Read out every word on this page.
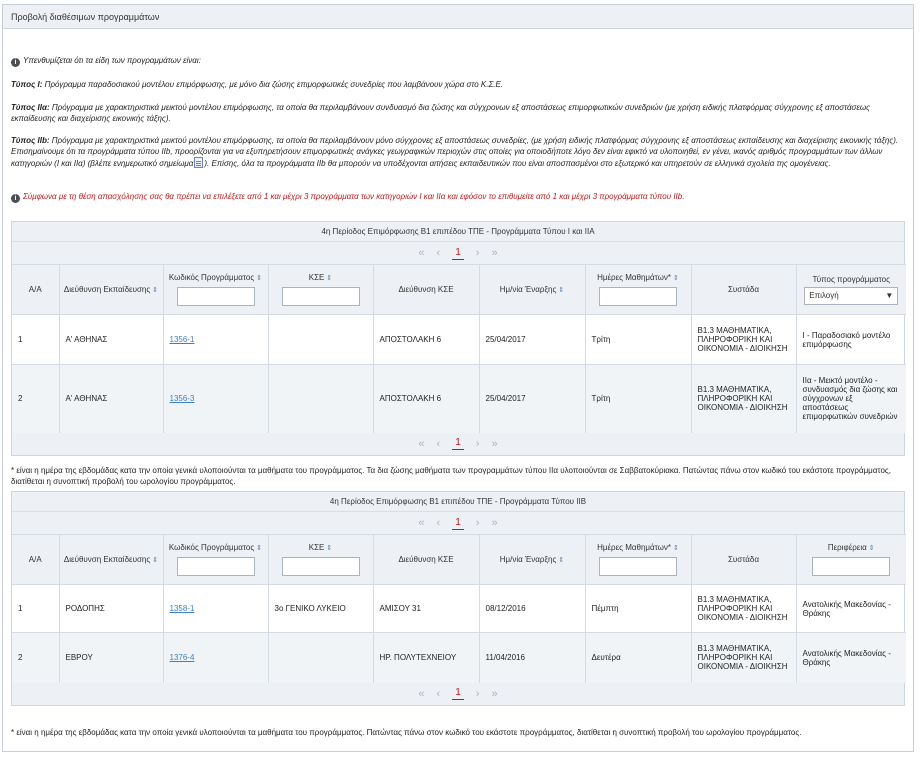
Προβολή διαθέσιμων προγραμμάτων

i Υπενθυμίζεται ότι τα είδη των προγραμμάτων είναι:

Τύπος Ι: Πρόγραμμα παραδοσιακού μοντέλου επιμόρφωσης, με μόνο δια ζώσης επιμορφωτικές συνεδρίες που λαμβάνουν χώρα στο Κ.Σ.Ε.

Τύπος ΙΙα: Πρόγραμμα με χαρακτηριστικά μεικτού μοντέλου επιμόρφωσης, τα οποία θα περιλαμβάνουν συνδυασμό δια ζώσης και σύγχρονων εξ αποστάσεως επιμορφωτικών συνεδριών (με χρήση ειδικής πλατφόρμας σύγχρονης εξ αποστάσεως εκπαίδευσης και διαχείρισης εικονικής τάξης).

Τύπος ΙΙb: Πρόγραμμα με χαρακτηριστικά μεικτού μοντέλου επιμόρφωσης, τα οποία θα περιλαμβάνουν μόνο σύγχρονες εξ αποστάσεως συνεδρίες, (με χρήση ειδικής πλατφόρμας σύγχρονης εξ αποστάσεως εκπαίδευσης και διαχείρισης εικονικής τάξης). Επισημαίνουμε ότι τα προγράμματα τύπου ΙΙb, προορίζονται για να εξυπηρετήσουν επιμορφωτικές ανάγκες γεωγραφικών περιοχών στις οποίες για οποιοδήποτε λόγο δεν είναι εφικτό να υλοποιηθεί, εν γένει, ικανός αριθμός προγραμμάτων των άλλων κατηγοριών (Ι και ΙΙα) (βλέπε ενημερωτικό σημείωμα ). Επίσης, όλα τα προγράμματα ΙΙb θα μπορούν να υποδέχονται αιτήσεις εκπαιδευτικών που είναι αποσπασμένοι στο εξωτερικό και υπηρετούν σε ελληνικά σχολεία της ομογένειας.

i Σύμφωνα με τη θέση απασχόλησης σας θα πρέπει να επιλέξετε από 1 και μέχρι 3 προγράμματα των κατηγοριών Ι και ΙΙα και εφόσον το επιθυμείτε από 1 και μέχρι 3 προγράμματα τύπου ΙΙb.

4η Περίοδος Επιμόρφωσης Β1 επιπέδου ΤΠΕ - Προγράμματα Τύπου Ι και ΙΙΑ
« ‹	1 › »
Α/Α	Διεύθυνση Εκπαίδευσης ⇕	Κωδικός Προγράμματος ⇕	ΚΣΕ ⇕	Διεύθυνση ΚΣΕ	Ημ/νία Έναρξης ⇕	Ημέρες Μαθημάτων* ⇕	Συστάδα	Τύπος προγράμματος
Επιλογή ▼

1	Α' ΑΘΗΝΑΣ	1356-1		ΑΠΟΣΤΟΛΑΚΗ 6	25/04/2017	Τρίτη	Β1.3 ΜΑΘΗΜΑΤΙΚΑ, ΠΛΗΡΟΦΟΡΙΚΗ ΚΑΙ ΟΙΚΟΝΟΜΙΑ - ΔΙΟΙΚΗΣΗ	Ι - Παραδοσιακό μοντέλο επιμόρφωσης
2	Α' ΑΘΗΝΑΣ	1356-3		ΑΠΟΣΤΟΛΑΚΗ 6	25/04/2017	Τρίτη	Β1.3 ΜΑΘΗΜΑΤΙΚΑ, ΠΛΗΡΟΦΟΡΙΚΗ ΚΑΙ ΟΙΚΟΝΟΜΙΑ - ΔΙΟΙΚΗΣΗ	ΙΙα - Μεικτό μοντέλο - συνδυασμός δια ζώσης και σύγχρονων εξ αποστάσεως επιμορφωτικών συνεδριών
« ‹	1 › »
* είναι η ημέρα της εβδομάδας κατα την οποία γενικά υλοποιούνται τα μαθήματα του προγράμματος. Τα δια ζώσης μαθήματα των προγραμμάτων τύπου ΙΙα υλοποιούνται σε Σαββατοκύριακα. Πατώντας πάνω στον κωδικό του εκάστοτε προγράμματος, διατίθεται η συνοπτική προβολή του ωρολογίου προγράμματος.
4η Περίοδος Επιμόρφωσης Β1 επιπέδου ΤΠΕ - Προγράμματα Τύπου ΙΙΒ
« ‹	1 › »
Α/Α	Διεύθυνση Εκπαίδευσης ⇕	Κωδικός Προγράμματος ⇕	ΚΣΕ ⇕	Διεύθυνση ΚΣΕ	Ημ/νία Έναρξης ⇕	Ημέρες Μαθημάτων* ⇕	Συστάδα	Περιφέρεια ⇕

1	ΡΟΔΟΠΗΣ	1358-1	3ο ΓΕΝΙΚΟ ΛΥΚΕΙΟ	ΑΜΙΣΟΥ 31	08/12/2016	Πέμπτη	Β1.3 ΜΑΘΗΜΑΤΙΚΑ, ΠΛΗΡΟΦΟΡΙΚΗ ΚΑΙ ΟΙΚΟΝΟΜΙΑ - ΔΙΟΙΚΗΣΗ	Ανατολικής Μακεδονίας - Θράκης
2	ΕΒΡΟΥ	1376-4		ΗΡ. ΠΟΛΥΤΕΧΝΕΙΟΥ	11/04/2016	Δευτέρα	Β1.3 ΜΑΘΗΜΑΤΙΚΑ, ΠΛΗΡΟΦΟΡΙΚΗ ΚΑΙ ΟΙΚΟΝΟΜΙΑ - ΔΙΟΙΚΗΣΗ	Ανατολικής Μακεδονίας - Θράκης
« ‹	1 › »
* είναι η ημέρα της εβδομάδας κατα την οποία γενικά υλοποιούνται τα μαθήματα του προγράμματος. Πατώντας πάνω στον κωδικό του εκάστοτε προγράμματος, διατίθεται η συνοπτική προβολή του ωρολογίου προγράμματος.
